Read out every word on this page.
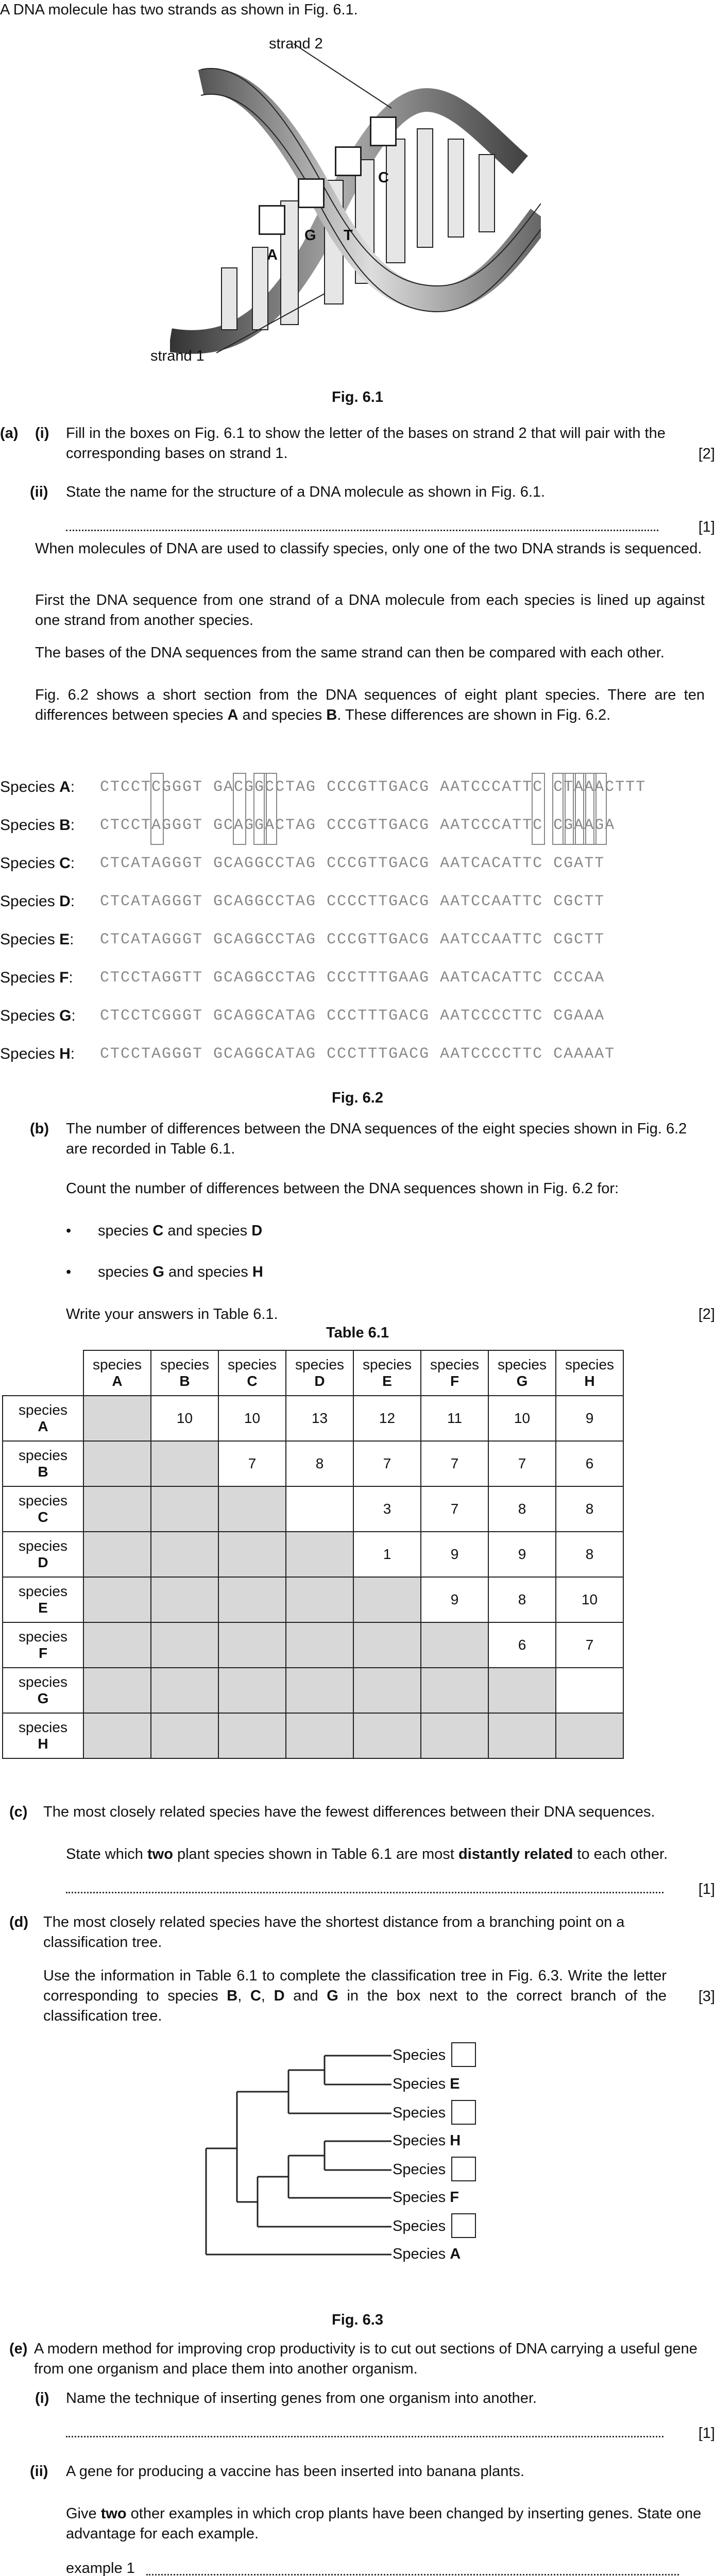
A DNA molecule has two strands as shown in Fig. 6.1.
strand 2
strand 1
A
G T
C
Fig. 6.1
(a) (i) Fill in the boxes on Fig. 6.1 to show the letter of the bases on strand 2 that will pair with the corresponding bases on strand 1.	[2]
(ii) State the name for the structure of a DNA molecule as shown in Fig. 6.1.
[1]
When molecules of DNA are used to classify species, only one of the two DNA strands is sequenced.
First the DNA sequence from one strand of a DNA molecule from each species is lined up against one strand from another species.
The bases of the DNA sequences from the same strand can then be compared with each other.
Fig. 6.2 shows a short section from the DNA sequences of eight plant species. There are ten differences between species A and species B. These differences are shown in Fig. 6.2.
Species A: CTCCTCGGGT GACGGCCTAG CCCGTTGACG AATCCCATTC CTAAACTTT
Species B: CTCCTAGGGT GCAGGACTAG CCCGTTGACG AATCCCATTC CGAAGA
Species C: CTCATAGGGT GCAGGCCTAG CCCGTTGACG AATCACATTC CGATT
Species D: CTCATAGGGT GCAGGCCTAG CCCCTTGACG AATCCAATTC CGCTT
Species E: CTCATAGGGT GCAGGCCTAG CCCGTTGACG AATCCAATTC CGCTT
Species F: CTCCTAGGTT GCAGGCCTAG CCCTTTGAAG AATCACATTC CCCAA
Species G: CTCCTCGGGT GCAGGCATAG CCCTTTGACG AATCCCCTTC CGAAA
Species H: CTCCTAGGGT GCAGGCATAG CCCTTTGACG AATCCCCTTC CAAAAT
Fig. 6.2
(b) The number of differences between the DNA sequences of the eight species shown in Fig. 6.2 are recorded in Table 6.1.
Count the number of differences between the DNA sequences shown in Fig. 6.2 for:
• species C and species D
• species G and species H
Write your answers in Table 6.1.	[2]
Table 6.1
	species
A	species
B	species
C	species
D	species
E	species
F	species
G	species
H
species
A		10	10	13	12	11	10	9
species
B			7	8	7	7	7	6
species
C					3	7	8	8
species
D					1	9	9	8
species
E						9	8	10
species
F							6	7
species
G								
species
H								
(c) The most closely related species have the fewest differences between their DNA sequences.
State which two plant species shown in Table 6.1 are most distantly related to each other.
[1]
(d) The most closely related species have the shortest distance from a branching point on a classification tree.
Use the information in Table 6.1 to complete the classification tree in Fig. 6.3. Write the letter corresponding to species B, C, D and G in the box next to the correct branch of the classification tree.
[3]
Species
Species E
Species
Species H
Species
Species F
Species
Species A
Fig. 6.3
(e) A modern method for improving crop productivity is to cut out sections of DNA carrying a useful gene from one organism and place them into another organism.
(i) Name the technique of inserting genes from one organism into another.
[1]
(ii) A gene for producing a vaccine has been inserted into banana plants.
Give two other examples in which crop plants have been changed by inserting genes. State one advantage for each example.
example 1
